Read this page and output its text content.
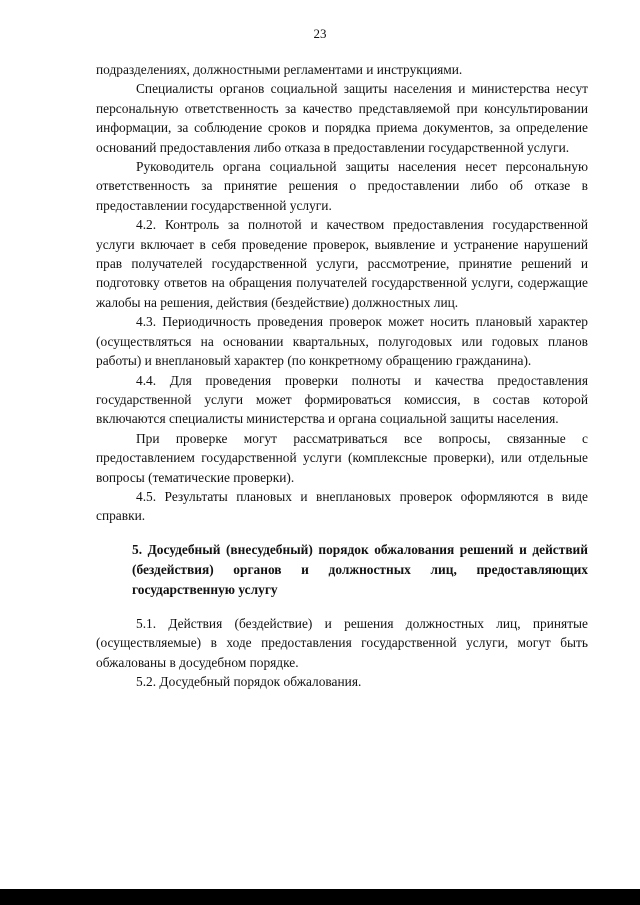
23

подразделениях, должностными регламентами и инструкциями.

Специалисты органов социальной защиты населения и министерства несут персональную ответственность за качество представляемой при консультировании информации, за соблюдение сроков и порядка приема документов, за определение оснований предоставления либо отказа в предоставлении государственной услуги.

Руководитель органа социальной защиты населения несет персональную ответственность за принятие решения о предоставлении либо об отказе в предоставлении государственной услуги.

4.2. Контроль за полнотой и качеством предоставления государственной услуги включает в себя проведение проверок, выявление и устранение нарушений прав получателей государственной услуги, рассмотрение, принятие решений и подготовку ответов на обращения получателей государственной услуги, содержащие жалобы на решения, действия (бездействие) должностных лиц.

4.3. Периодичность проведения проверок может носить плановый характер (осуществляться на основании квартальных, полугодовых или годовых планов работы) и внеплановый характер (по конкретному обращению гражданина).

4.4. Для проведения проверки полноты и качества предоставления государственной услуги может формироваться комиссия, в состав которой включаются специалисты министерства и органа социальной защиты населения.

При проверке могут рассматриваться все вопросы, связанные с предоставлением государственной услуги (комплексные проверки), или отдельные вопросы (тематические проверки).

4.5. Результаты плановых и внеплановых проверок оформляются в виде справки.

5. Досудебный (внесудебный) порядок обжалования решений и действий (бездействия) органов и должностных лиц, предоставляющих государственную услугу

5.1. Действия (бездействие) и решения должностных лиц, принятые (осуществляемые) в ходе предоставления государственной услуги, могут быть обжалованы в досудебном порядке.

5.2. Досудебный порядок обжалования.
